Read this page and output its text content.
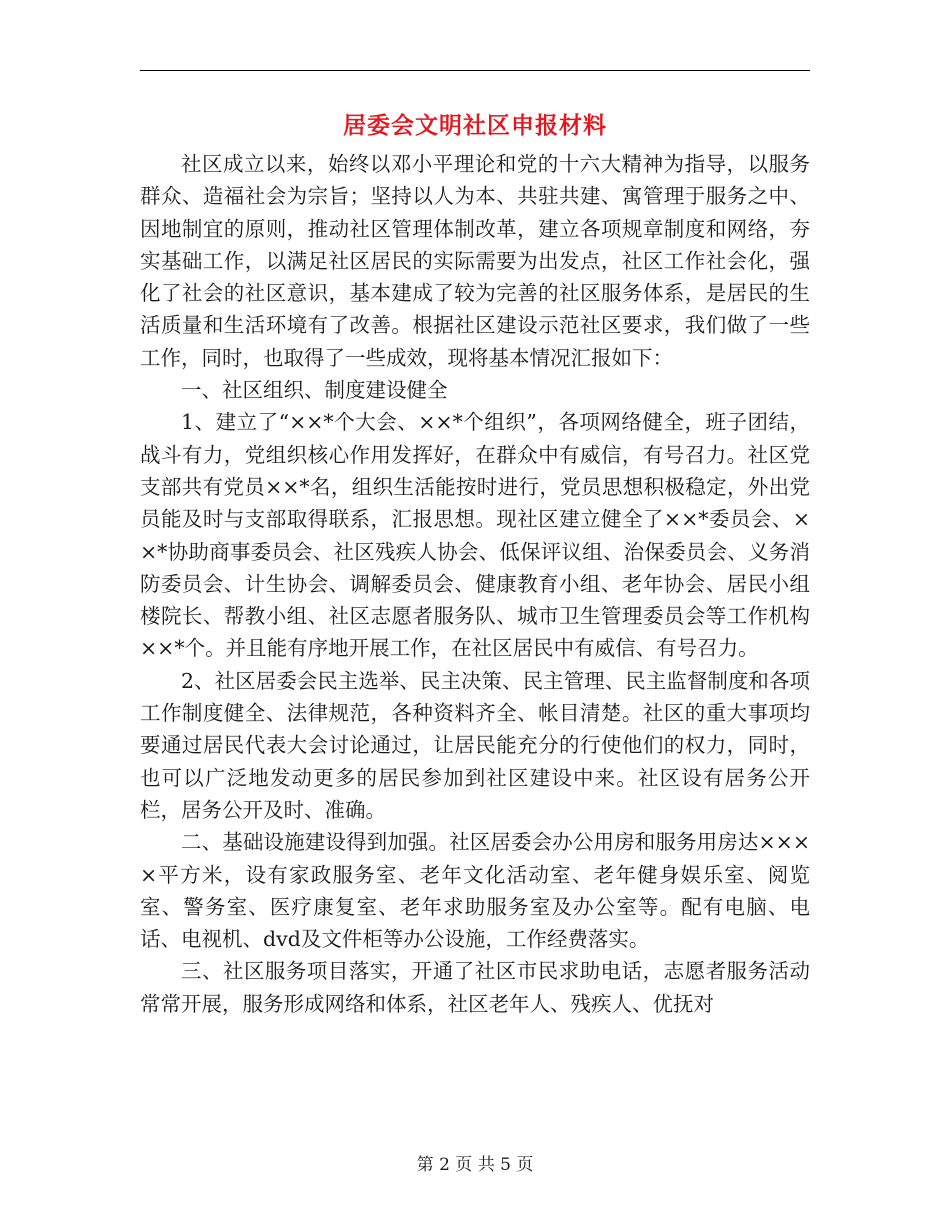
居委会文明社区申报材料

社区成立以来，始终以邓小平理论和党的十六大精神为指导，以服务群众、造福社会为宗旨；坚持以人为本、共驻共建、寓管理于服务之中、因地制宜的原则，推动社区管理体制改革，建立各项规章制度和网络，夯实基础工作，以满足社区居民的实际需要为出发点，社区工作社会化，强化了社会的社区意识，基本建成了较为完善的社区服务体系，是居民的生活质量和生活环境有了改善。根据社区建设示范社区要求，我们做了一些工作，同时，也取得了一些成效，现将基本情况汇报如下：

一、社区组织、制度建设健全

1、建立了“××*个大会、××*个组织”，各项网络健全，班子团结，战斗有力，党组织核心作用发挥好，在群众中有威信，有号召力。社区党支部共有党员××*名，组织生活能按时进行，党员思想积极稳定，外出党员能及时与支部取得联系，汇报思想。现社区建立健全了××*委员会、××*协助商事委员会、社区残疾人协会、低保评议组、治保委员会、义务消防委员会、计生协会、调解委员会、健康教育小组、老年协会、居民小组楼院长、帮教小组、社区志愿者服务队、城市卫生管理委员会等工作机构××*个。并且能有序地开展工作，在社区居民中有威信、有号召力。

2、社区居委会民主选举、民主决策、民主管理、民主监督制度和各项工作制度健全、法律规范，各种资料齐全、帐目清楚。社区的重大事项均要通过居民代表大会讨论通过，让居民能充分的行使他们的权力，同时，也可以广泛地发动更多的居民参加到社区建设中来。社区设有居务公开栏，居务公开及时、准确。

二、基础设施建设得到加强。社区居委会办公用房和服务用房达××××平方米，设有家政服务室、老年文化活动室、老年健身娱乐室、阅览室、警务室、医疗康复室、老年求助服务室及办公室等。配有电脑、电话、电视机、dvd及文件柜等办公设施，工作经费落实。

三、社区服务项目落实，开通了社区市民求助电话，志愿者服务活动常常开展，服务形成网络和体系，社区老年人、残疾人、优抚对

第 2 页 共 5 页
